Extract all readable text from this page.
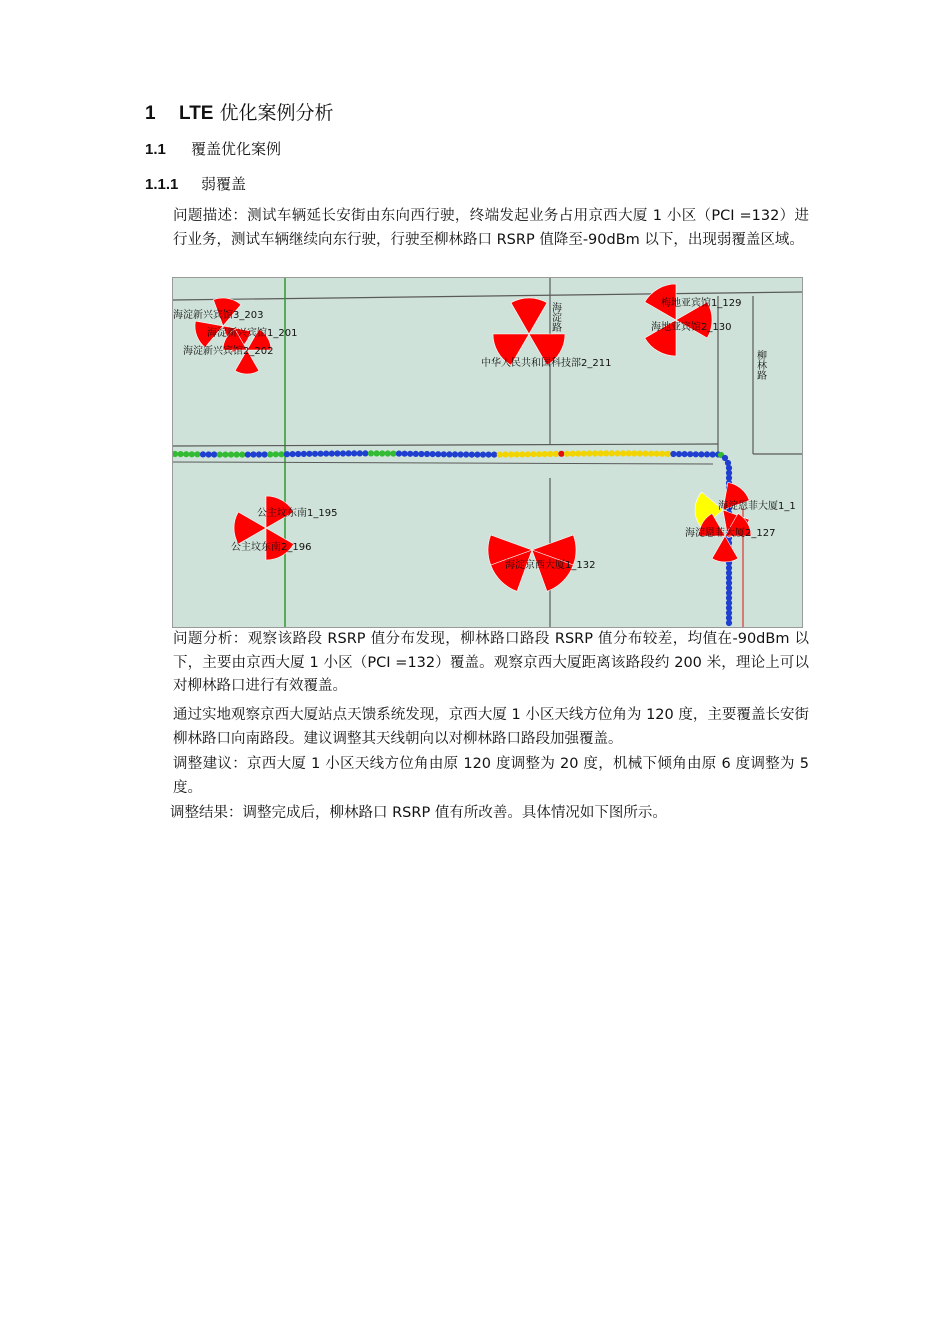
1 LTE 优化案例分析
1.1 覆盖优化案例
1.1.1 弱覆盖
问题描述：测试车辆延长安街由东向西行驶，终端发起业务占用京西大厦 1 小区（PCI =132）进行业务，测试车辆继续向东行驶，行驶至柳林路口 RSRP 值降至-90dBm 以下，出现弱覆盖区域。
海淀新兴宾馆3_203
海淀新兴宾馆1_201
海淀新兴宾馆2_202
中华人民共和国科技部2_211
梅地亚宾馆1_129
海地亚宾馆2_130
公主坟东南1_195
公主坟东南2_196
海淀京西大厦1_132
海淀恩菲大厦1_1
海淀恩菲大厦2_127
海淀路
柳林路
问题分析：观察该路段 RSRP 值分布发现，柳林路口路段 RSRP 值分布较差，均值在-90dBm 以下，主要由京西大厦 1 小区（PCI =132）覆盖。观察京西大厦距离该路段约 200 米，理论上可以对柳林路口进行有效覆盖。
通过实地观察京西大厦站点天馈系统发现，京西大厦 1 小区天线方位角为 120 度，主要覆盖长安街柳林路口向南路段。建议调整其天线朝向以对柳林路口路段加强覆盖。
调整建议：京西大厦 1 小区天线方位角由原 120 度调整为 20 度，机械下倾角由原 6 度调整为 5 度。
调整结果：调整完成后，柳林路口 RSRP 值有所改善。具体情况如下图所示。
